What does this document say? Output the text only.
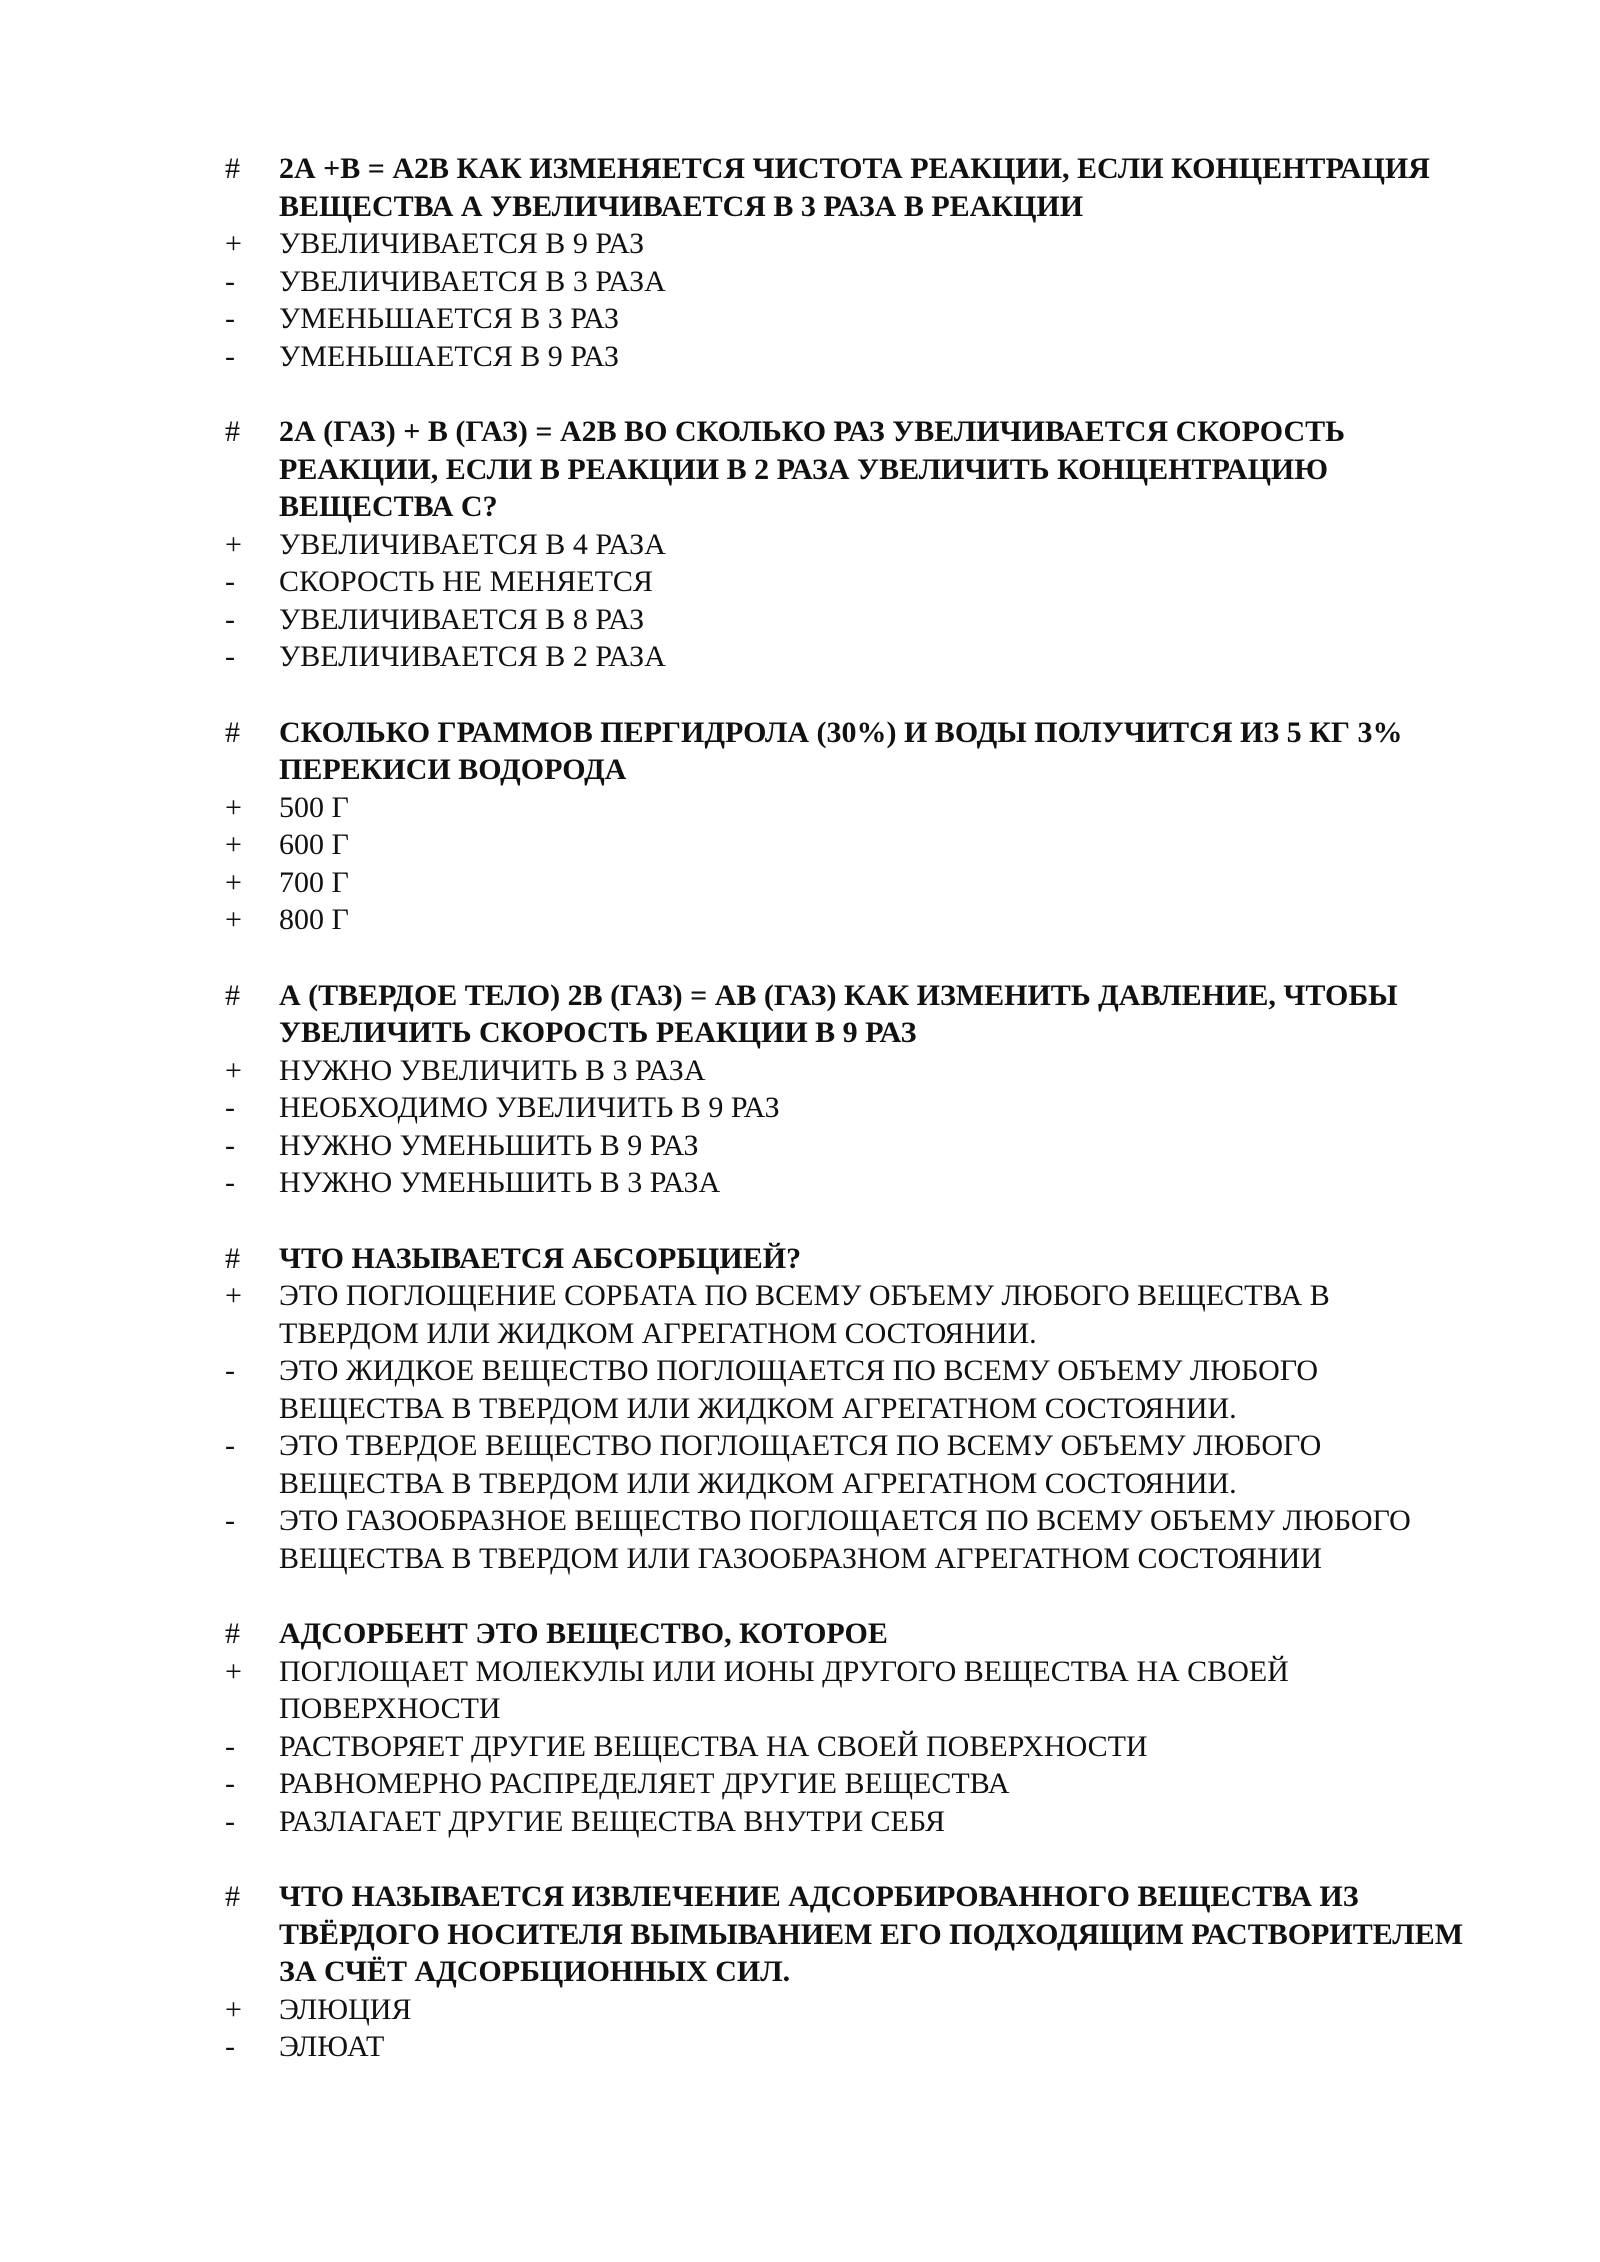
#	2А +В = А2В КАК ИЗМЕНЯЕТСЯ ЧИСТОТА РЕАКЦИИ, ЕСЛИ КОНЦЕНТРАЦИЯ ВЕЩЕСТВА А УВЕЛИЧИВАЕТСЯ В 3 РАЗА В РЕАКЦИИ
+	УВЕЛИЧИВАЕТСЯ В 9 РАЗ
-	УВЕЛИЧИВАЕТСЯ В 3 РАЗА
-	УМЕНЬШАЕТСЯ В 3 РАЗ
-	УМЕНЬШАЕТСЯ В 9 РАЗ
#	2А (ГАЗ) + В (ГАЗ) = А2В ВО СКОЛЬКО РАЗ УВЕЛИЧИВАЕТСЯ СКОРОСТЬ РЕАКЦИИ, ЕСЛИ В РЕАКЦИИ В 2 РАЗА УВЕЛИЧИТЬ КОНЦЕНТРАЦИЮ ВЕЩЕСТВА С?
+	УВЕЛИЧИВАЕТСЯ В 4 РАЗА
-	СКОРОСТЬ НЕ МЕНЯЕТСЯ
-	УВЕЛИЧИВАЕТСЯ В 8 РАЗ
-	УВЕЛИЧИВАЕТСЯ В 2 РАЗА
#	СКОЛЬКО ГРАММОВ ПЕРГИДРОЛА (30%) И ВОДЫ ПОЛУЧИТСЯ ИЗ 5 КГ 3% ПЕРЕКИСИ ВОДОРОДА
+	500 Г
+	600 Г
+	700 Г
+	800 Г
#	А (ТВЕРДОЕ ТЕЛО) 2В (ГАЗ) = АВ (ГАЗ) КАК ИЗМЕНИТЬ ДАВЛЕНИЕ, ЧТОБЫ УВЕЛИЧИТЬ СКОРОСТЬ РЕАКЦИИ В 9 РАЗ
+	НУЖНО УВЕЛИЧИТЬ В 3 РАЗА
-	НЕОБХОДИМО УВЕЛИЧИТЬ В 9 РАЗ
-	НУЖНО УМЕНЬШИТЬ В 9 РАЗ
-	НУЖНО УМЕНЬШИТЬ В 3 РАЗА
#	ЧТО НАЗЫВАЕТСЯ АБСОРБЦИЕЙ?
+	ЭТО ПОГЛОЩЕНИЕ СОРБАТА ПО ВСЕМУ ОБЪЕМУ ЛЮБОГО ВЕЩЕСТВА В ТВЕРДОМ ИЛИ ЖИДКОМ АГРЕГАТНОМ СОСТОЯНИИ.
-	ЭТО ЖИДКОЕ ВЕЩЕСТВО ПОГЛОЩАЕТСЯ ПО ВСЕМУ ОБЪЕМУ ЛЮБОГО ВЕЩЕСТВА В ТВЕРДОМ ИЛИ ЖИДКОМ АГРЕГАТНОМ СОСТОЯНИИ.
-	ЭТО ТВЕРДОЕ ВЕЩЕСТВО ПОГЛОЩАЕТСЯ ПО ВСЕМУ ОБЪЕМУ ЛЮБОГО ВЕЩЕСТВА В ТВЕРДОМ ИЛИ ЖИДКОМ АГРЕГАТНОМ СОСТОЯНИИ.
-	ЭТО ГАЗООБРАЗНОЕ ВЕЩЕСТВО ПОГЛОЩАЕТСЯ ПО ВСЕМУ ОБЪЕМУ ЛЮБОГО ВЕЩЕСТВА В ТВЕРДОМ ИЛИ ГАЗООБРАЗНОМ АГРЕГАТНОМ СОСТОЯНИИ
#	АДСОРБЕНТ ЭТО ВЕЩЕСТВО, КОТОРОЕ
+	ПОГЛОЩАЕТ МОЛЕКУЛЫ ИЛИ ИОНЫ ДРУГОГО ВЕЩЕСТВА НА СВОЕЙ ПОВЕРХНОСТИ
-	РАСТВОРЯЕТ ДРУГИЕ ВЕЩЕСТВА НА СВОЕЙ ПОВЕРХНОСТИ
-	РАВНОМЕРНО РАСПРЕДЕЛЯЕТ ДРУГИЕ ВЕЩЕСТВА
-	РАЗЛАГАЕТ ДРУГИЕ ВЕЩЕСТВА ВНУТРИ СЕБЯ
#	ЧТО НАЗЫВАЕТСЯ ИЗВЛЕЧЕНИЕ АДСОРБИРОВАННОГО ВЕЩЕСТВА ИЗ ТВЁРДОГО НОСИТЕЛЯ ВЫМЫВАНИЕМ ЕГО ПОДХОДЯЩИМ РАСТВОРИТЕЛЕМ ЗА СЧЁТ АДСОРБЦИОННЫХ СИЛ.
+	ЭЛЮЦИЯ
-	ЭЛЮАТ
